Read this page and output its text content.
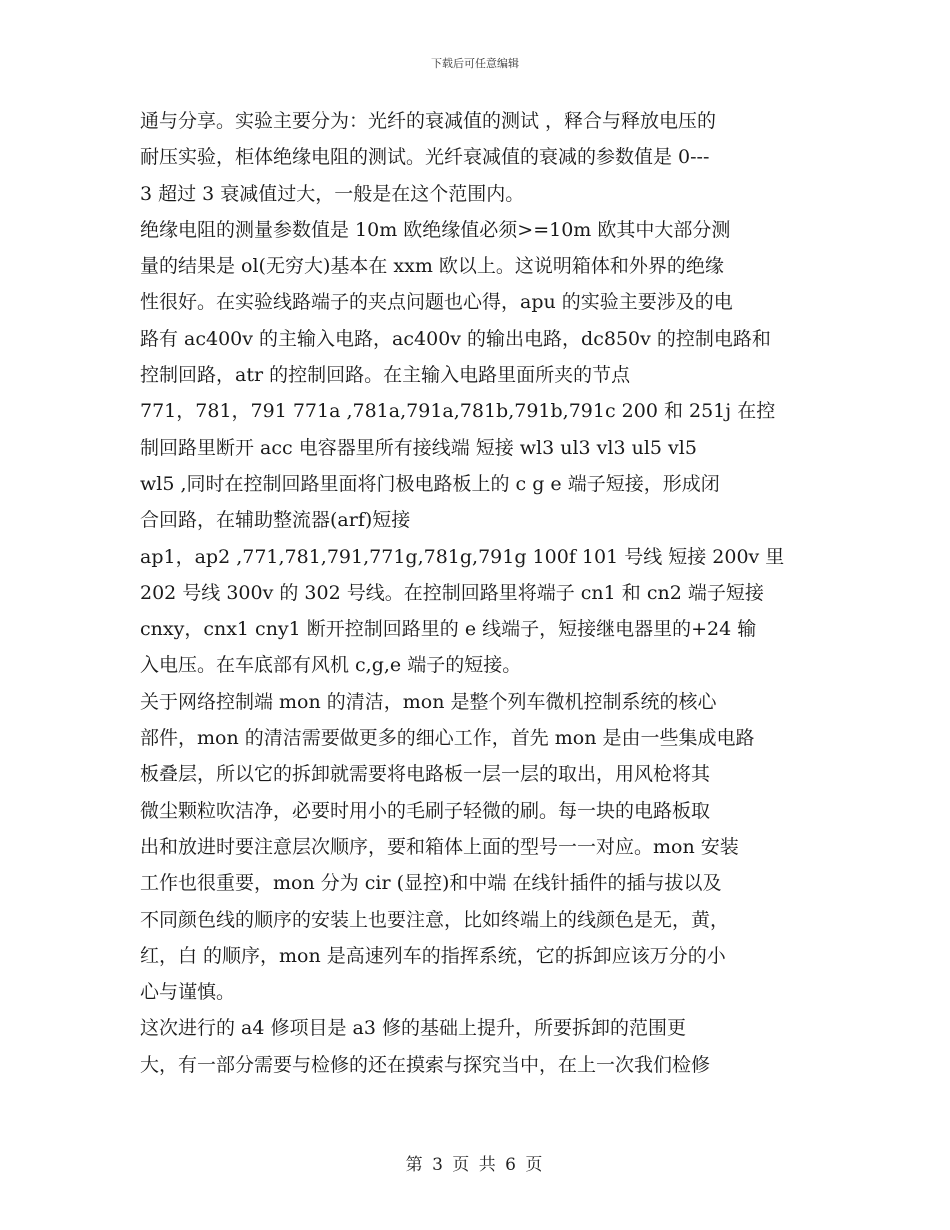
下载后可任意编辑
通与分享。实验主要分为：光纤的衰减值的测试 ，释合与释放电压的
耐压实验，柜体绝缘电阻的测试。光纤衰减值的衰减的参数值是 0---
3 超过 3 衰减值过大，一般是在这个范围内。
绝缘电阻的测量参数值是 10m 欧绝缘值必须>=10m 欧其中大部分测
量的结果是 ol(无穷大)基本在 xxm 欧以上。这说明箱体和外界的绝缘
性很好。在实验线路端子的夹点问题也心得，apu 的实验主要涉及的电
路有 ac400v 的主输入电路，ac400v 的输出电路，dc850v 的控制电路和
控制回路，atr 的控制回路。在主输入电路里面所夹的节点
771，781，791 771a ,781a,791a,781b,791b,791c 200 和 251j 在控
制回路里断开 acc 电容器里所有接线端 短接 wl3 ul3 vl3 ul5 vl5
wl5 ,同时在控制回路里面将门极电路板上的 c g e 端子短接，形成闭
合回路，在辅助整流器(arf)短接
ap1，ap2 ,771,781,791,771g,781g,791g 100f 101 号线 短接 200v 里
202 号线 300v 的 302 号线。在控制回路里将端子 cn1 和 cn2 端子短接
cnxy，cnx1 cny1 断开控制回路里的 e 线端子，短接继电器里的+24 输
入电压。在车底部有风机 c,g,e 端子的短接。
关于网络控制端 mon 的清洁，mon 是整个列车微机控制系统的核心
部件，mon 的清洁需要做更多的细心工作，首先 mon 是由一些集成电路
板叠层，所以它的拆卸就需要将电路板一层一层的取出，用风枪将其
微尘颗粒吹洁净，必要时用小的毛刷子轻微的刷。每一块的电路板取
出和放进时要注意层次顺序，要和箱体上面的型号一一对应。mon 安装
工作也很重要，mon 分为 cir (显控)和中端 在线针插件的插与拔以及
不同颜色线的顺序的安装上也要注意，比如终端上的线颜色是无，黄，
红，白 的顺序，mon 是高速列车的指挥系统，它的拆卸应该万分的小
心与谨慎。
这次进行的 a4 修项目是 a3 修的基础上提升，所要拆卸的范围更
大，有一部分需要与检修的还在摸索与探究当中，在上一次我们检修
第 3 页 共 6 页
